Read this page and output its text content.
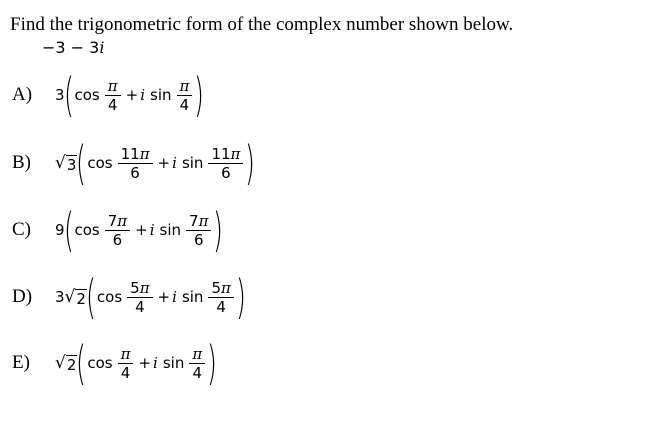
Find the trigonometric form of the complex number shown below.
−3 − 3i
A) 3 ( $\cos \frac{\pi}{4} + i$ $\sin \frac{\pi}{4}$ )
B) √ 3 ( $\cos \frac{11\pi}{6} + i$ $\sin \frac{11\pi}{6}$ )
C) 9 ( $\cos \frac{7\pi}{6} + i$ $\sin \frac{7\pi}{6}$ )
D) 3 √ 2 ( $\cos \frac{5\pi}{4} + i$ $\sin \frac{5\pi}{4}$ )
E) √ 2 ( $\cos \frac{\pi}{4} + i$ $\sin \frac{\pi}{4}$ )
